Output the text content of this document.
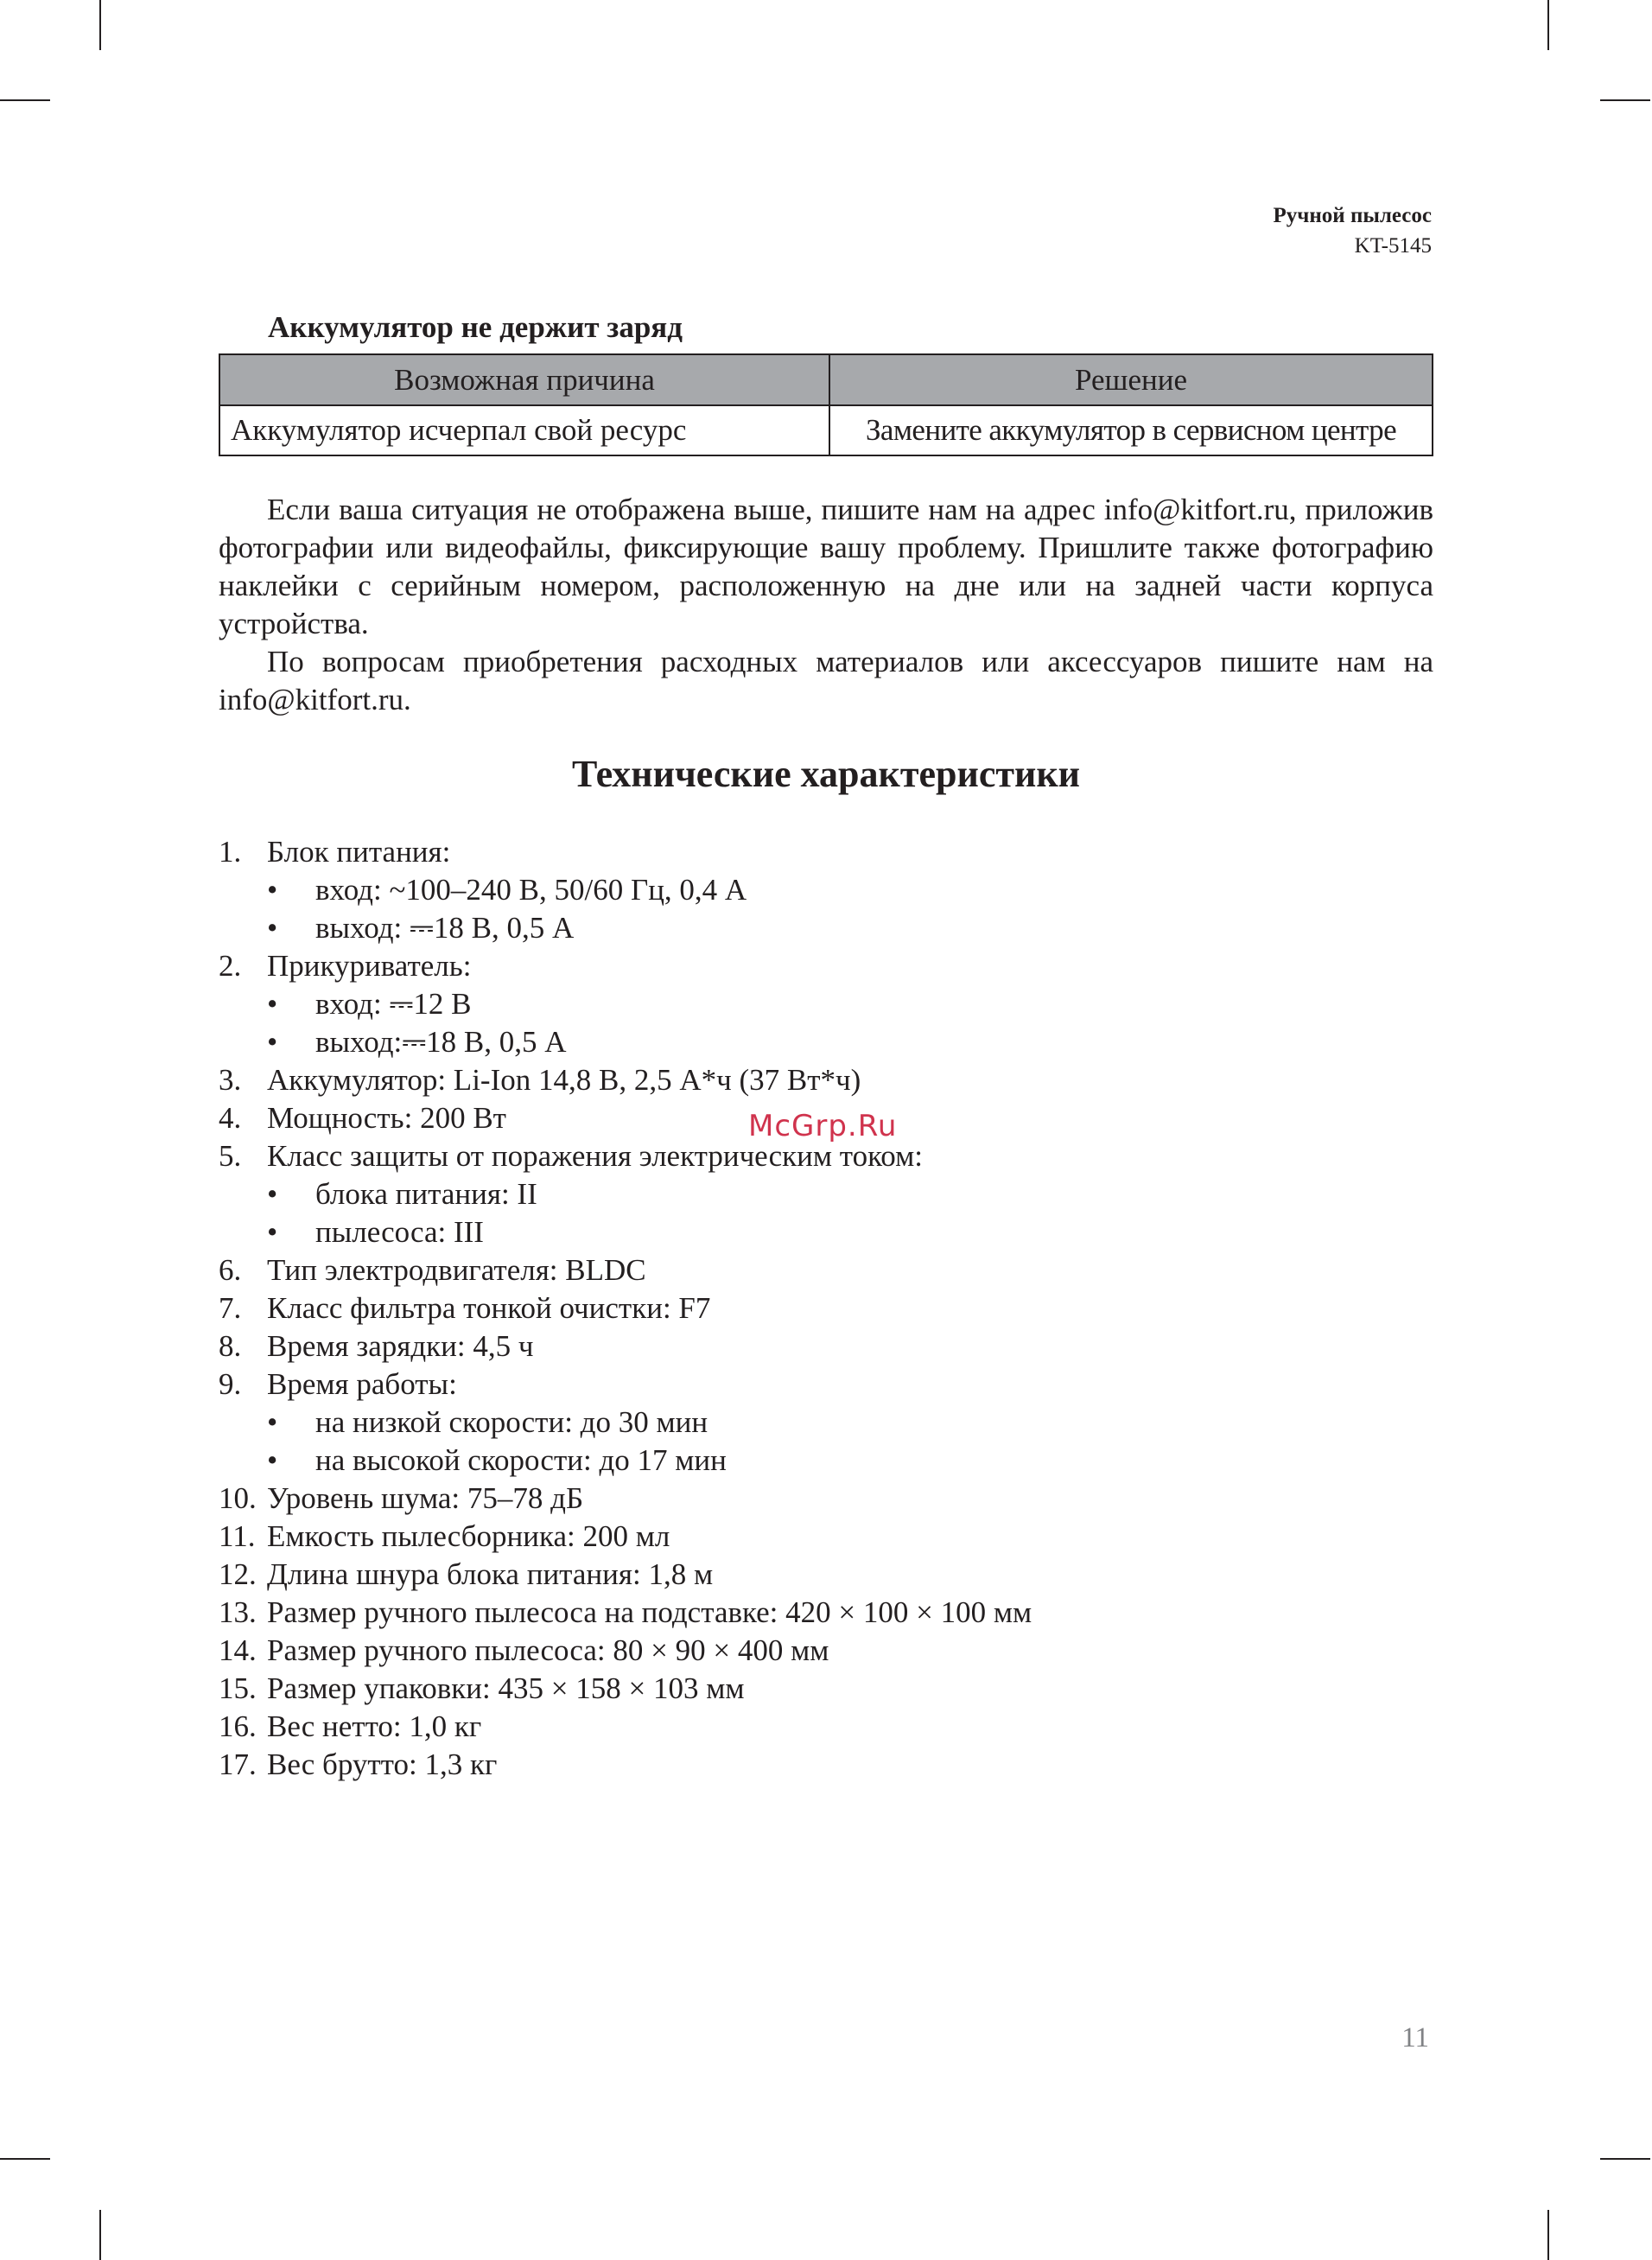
Ручной пылесос
KT-5145
Аккумулятор не держит заряд
Возможная причина	Решение
Аккумулятор исчерпал свой ресурс	Замените аккумулятор в сервисном центре

Если ваша ситуация не отображена выше, пишите нам на адрес info@kitfort.ru, приложив фотографии или видеофайлы, фиксирующие вашу проблему. Пришлите также фотографию наклейки с серийным номером, расположенную на дне или на задней части корпуса устройства.

По вопросам приобретения расходных материалов или аксессуаров пишите нам на info@kitfort.ru.

Технические характеристики
1. Блок питания:
• вход: ~100–240 В, 50/60 Гц, 0,4 А
• выход: ⎓18 В, 0,5 А
2. Прикуриватель:
• вход: ⎓12 В
• выход:⎓18 В, 0,5 А
3. Аккумулятор: Li-Ion 14,8 В, 2,5 А*ч (37 Вт*ч)
4. Мощность: 200 Вт
5. Класс защиты от поражения электрическим током:
• блока питания: II
• пылесоса: III
6. Тип электродвигателя: BLDC
7. Класс фильтра тонкой очистки: F7
8. Время зарядки: 4,5 ч
9. Время работы:
• на низкой скорости: до 30 мин
• на высокой скорости: до 17 мин
10. Уровень шума: 75–78 дБ
11. Емкость пылесборника: 200 мл
12. Длина шнура блока питания: 1,8 м
13. Размер ручного пылесоса на подставке: 420 × 100 × 100 мм
14. Размер ручного пылесоса: 80 × 90 × 400 мм
15. Размер упаковки: 435 × 158 × 103 мм
16. Вес нетто: 1,0 кг
17. Вес брутто: 1,3 кг
McGrp.Ru
11
